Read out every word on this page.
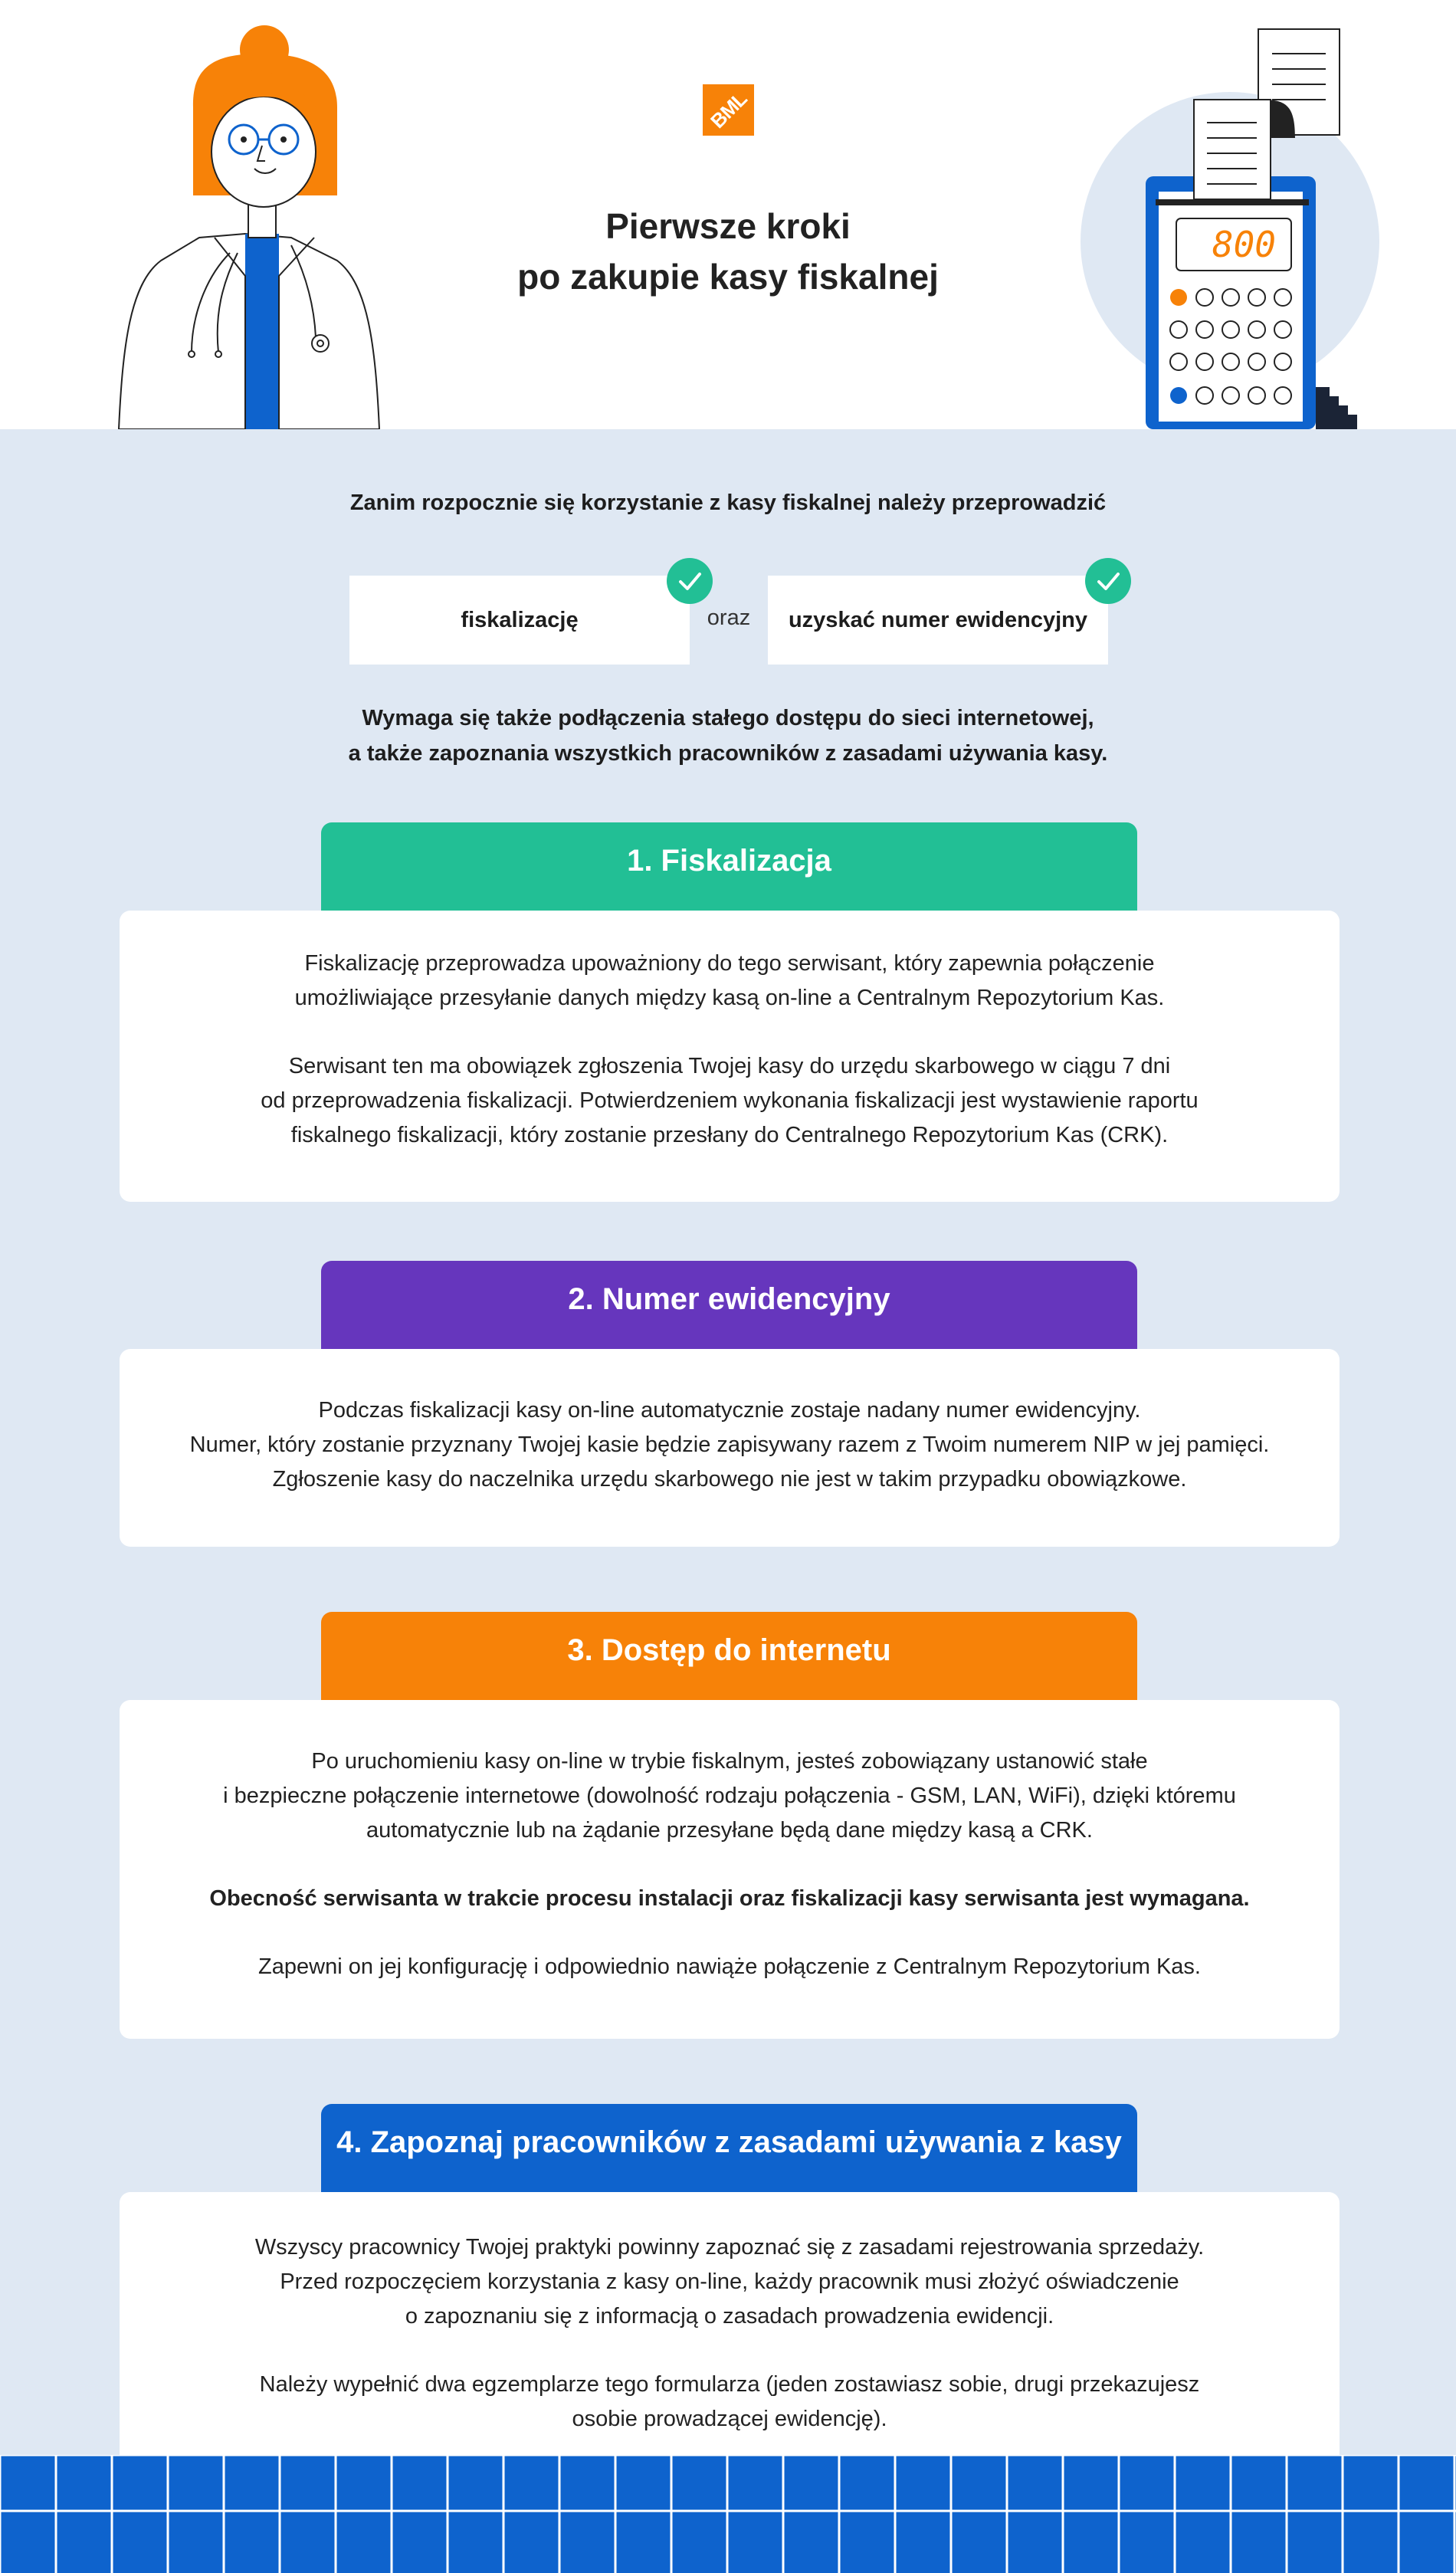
BML
Pierwsze kroki
po zakupie kasy fiskalnej
800
Zanim rozpocznie się korzystanie z kasy fiskalnej należy przeprowadzić
fiskalizację	oraz	uzyskać numer ewidencyjny
Wymaga się także podłączenia stałego dostępu do sieci internetowej,
a także zapoznania wszystkich pracowników z zasadami używania kasy.
1. Fiskalizacja

Fiskalizację przeprowadza upoważniony do tego serwisant, który zapewnia połączenie
umożliwiające przesyłanie danych między kasą on-line a Centralnym Repozytorium Kas.

Serwisant ten ma obowiązek zgłoszenia Twojej kasy do urzędu skarbowego w ciągu 7 dni
od przeprowadzenia fiskalizacji. Potwierdzeniem wykonania fiskalizacji jest wystawienie raportu
fiskalnego fiskalizacji, który zostanie przesłany do Centralnego Repozytorium Kas (CRK).

2. Numer ewidencyjny

Podczas fiskalizacji kasy on-line automatycznie zostaje nadany numer ewidencyjny.
Numer, który zostanie przyznany Twojej kasie będzie zapisywany razem z Twoim numerem NIP w jej pamięci.
Zgłoszenie kasy do naczelnika urzędu skarbowego nie jest w takim przypadku obowiązkowe.

3. Dostęp do internetu

Po uruchomieniu kasy on-line w trybie fiskalnym, jesteś zobowiązany ustanowić stałe
i bezpieczne połączenie internetowe (dowolność rodzaju połączenia - GSM, LAN, WiFi), dzięki któremu
automatycznie lub na żądanie przesyłane będą dane między kasą a CRK.

Obecność serwisanta w trakcie procesu instalacji oraz fiskalizacji kasy serwisanta jest wymagana.

Zapewni on jej konfigurację i odpowiednio nawiąże połączenie z Centralnym Repozytorium Kas.

4. Zapoznaj pracowników z zasadami używania z kasy

Wszyscy pracownicy Twojej praktyki powinny zapoznać się z zasadami rejestrowania sprzedaży.
Przed rozpoczęciem korzystania z kasy on-line, każdy pracownik musi złożyć oświadczenie
o zapoznaniu się z informacją o zasadach prowadzenia ewidencji.

Należy wypełnić dwa egzemplarze tego formularza (jeden zostawiasz sobie, drugi przekazujesz
osobie prowadzącej ewidencję).
